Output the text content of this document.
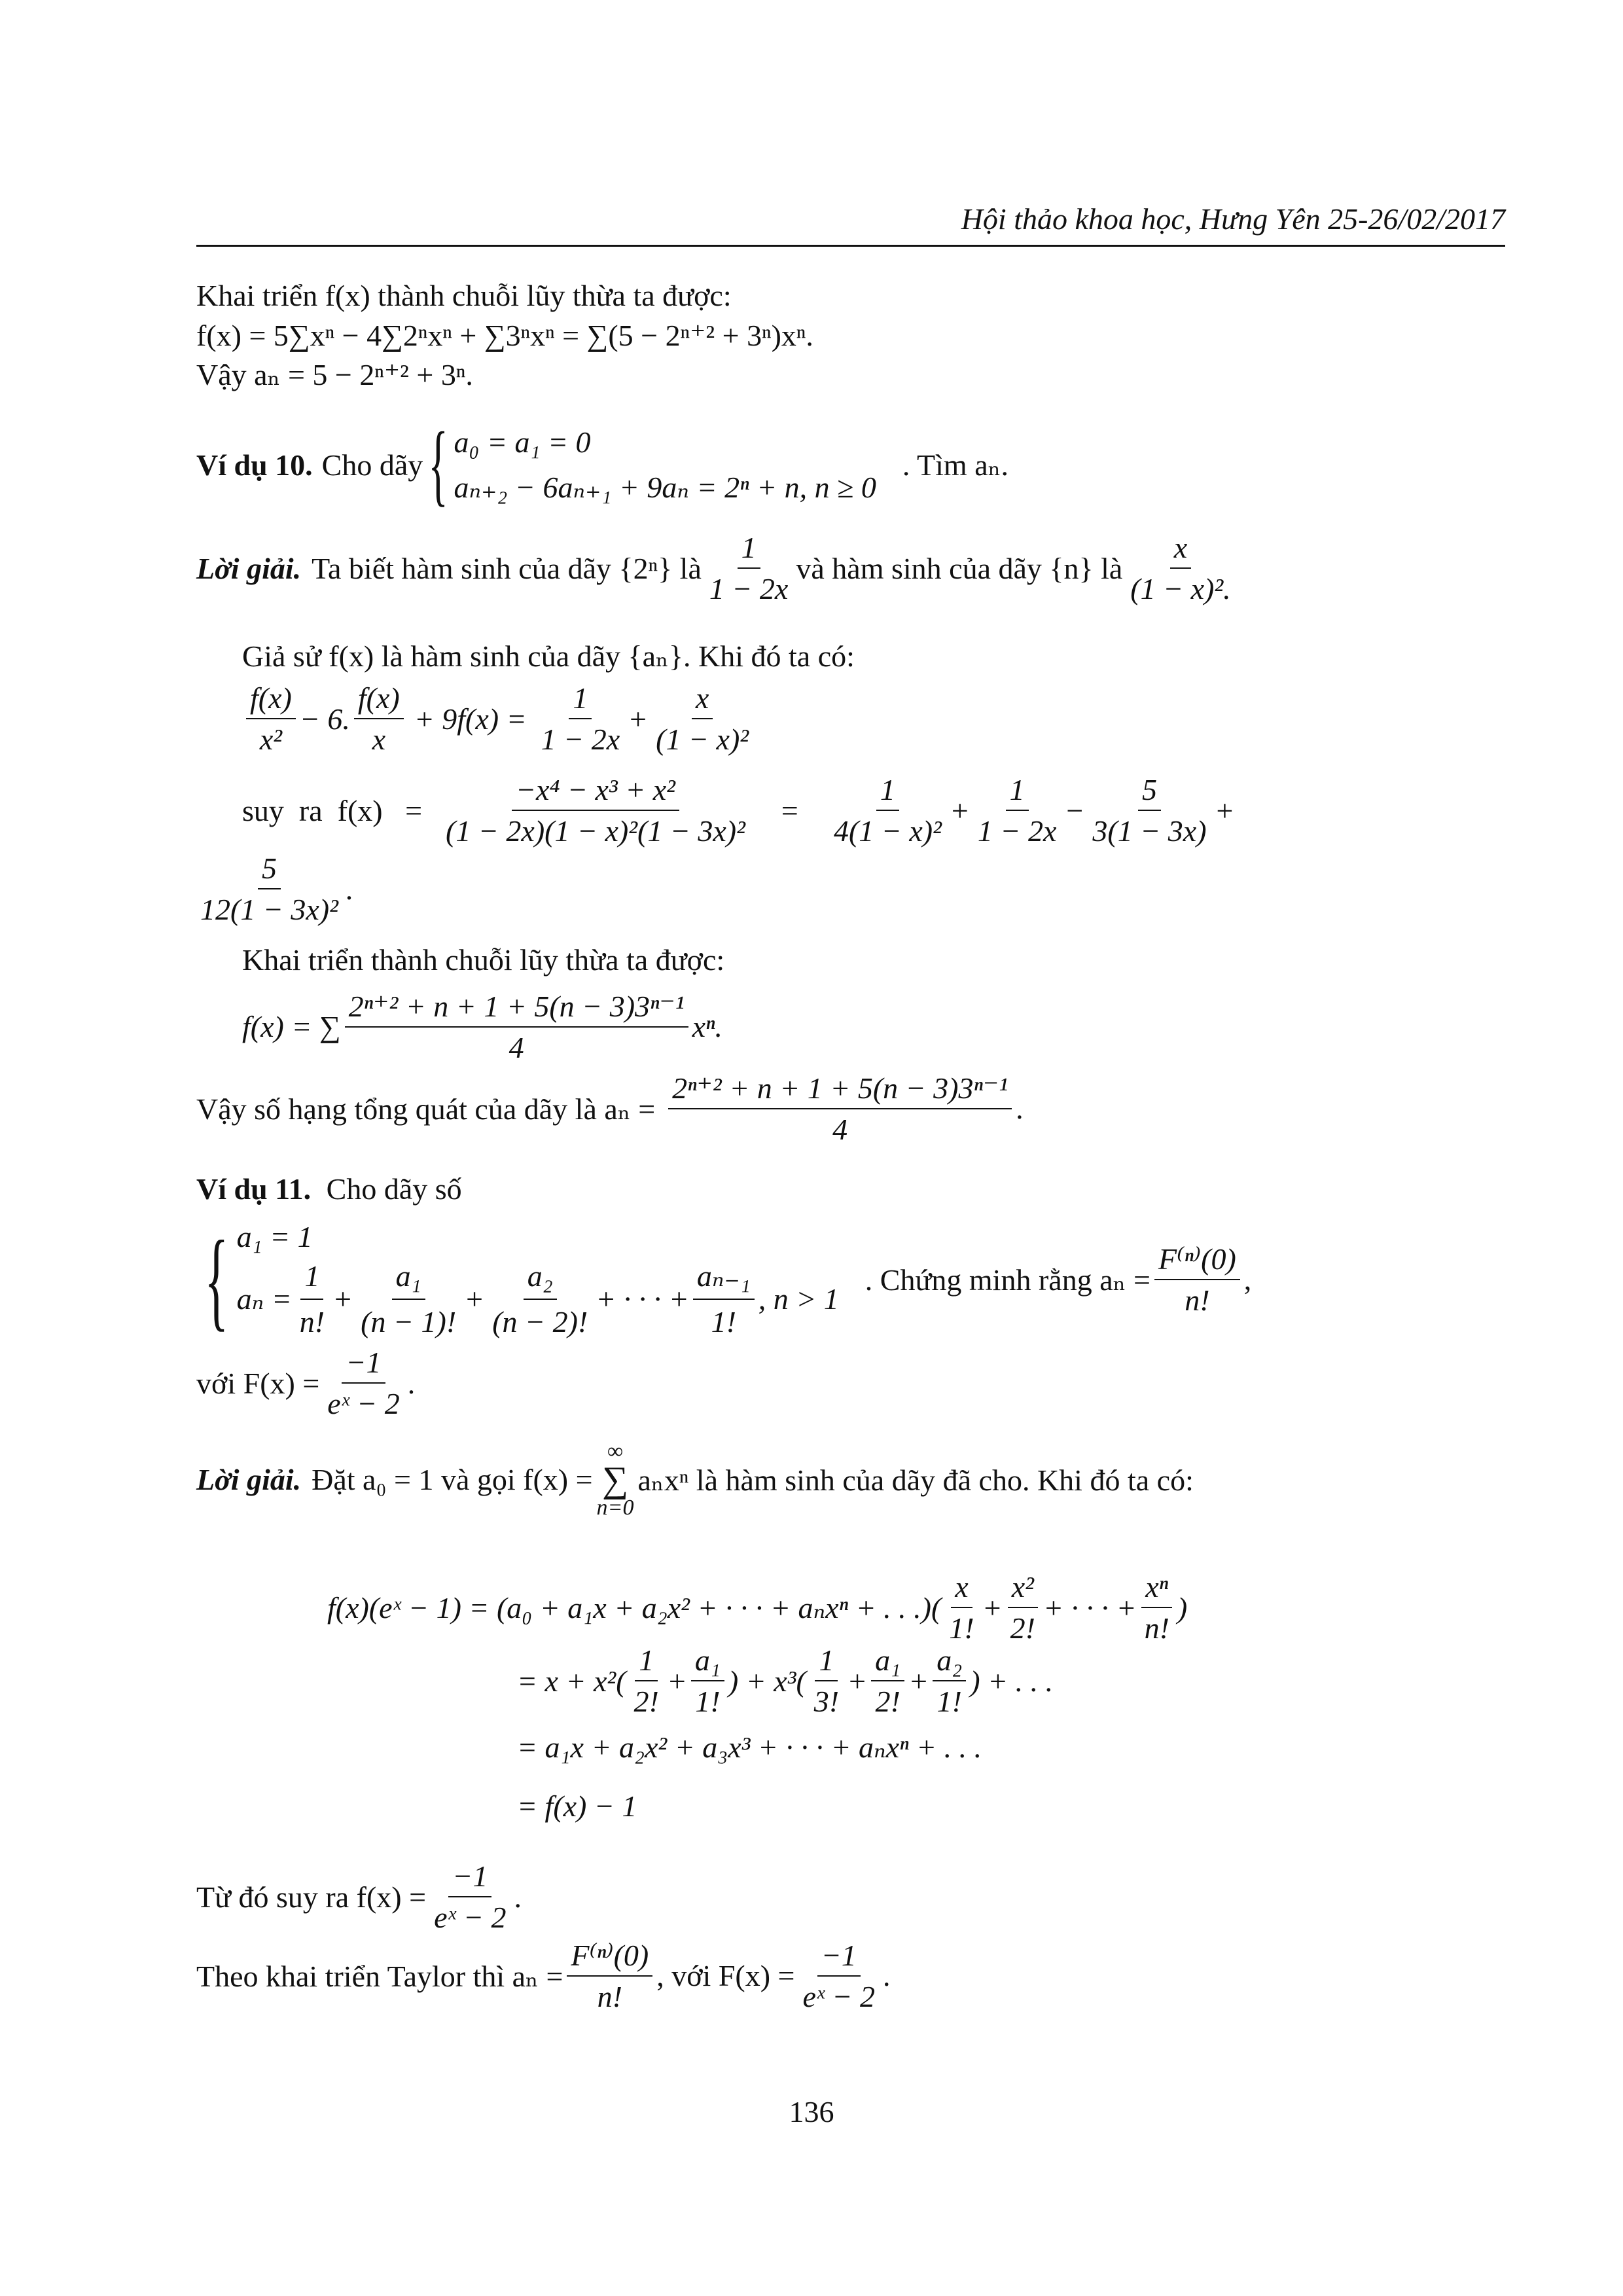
Hội thảo khoa học, Hưng Yên 25-26/02/2017
Khai triển f(x) thành chuỗi lũy thừa ta được:
f(x) = 5∑xⁿ − 4∑2ⁿxⁿ + ∑3ⁿxⁿ = ∑(5 − 2ⁿ⁺² + 3ⁿ)xⁿ.
Vậy aₙ = 5 − 2ⁿ⁺² + 3ⁿ.
Ví dụ 10. Cho dãy { a₀ = a₁ = 0
aₙ₊₂ − 6aₙ₊₁ + 9aₙ = 2ⁿ + n, n ≥ 0
. Tìm aₙ.
Lời giải. Ta biết hàm sinh của dãy {2ⁿ} là $\frac{1}{1 - 2x}$ và hàm sinh của dãy {n} là $\frac{x}{\text{(1 − x)².}}$
Giả sử f(x) là hàm sinh của dãy {aₙ}. Khi đó ta có:
$\frac{f(x)}{\text{x²}} - 6$. $\frac{f(x)}{x} + 9f(x) = \frac{1}{1 - 2x} + \frac{x}{\text{(1 − x)²}}$
suy  ra  $f(x) = \frac{\text{−x⁴ − x³ + x²}}{\text{(1 − 2x)(1 − x)²(1 − 3x)²}} = \frac{1}{\text{4(1 − x)²}} + \frac{1}{1 - 2x} - \frac{5}{3(1 - 3x)}$ +
$\frac{5}{\text{12(1 − 3x)²}}$ .
Khai triển thành chuỗi lũy thừa ta được:
f(x) = ∑ $\frac{\text{2ⁿ⁺² + n + 1 + 5(n − 3)3ⁿ⁻¹}}{4} x^n$.
Vậy số hạng tổng quát của dãy là $a_n = \frac{\text{2ⁿ⁺² + n + 1 + 5(n − 3)3ⁿ⁻¹}}{4}$ .
Ví dụ 11. Cho dãy số
{ a₁ = 1
$a_n = \frac{1}{n!} + \frac{\text{a₁}}{(n - 1)!} + \frac{\text{a₂}}{(n - 2)!}$ + · · · + $\frac{\text{aₙ₋₁}}{1!}$ , n > 1
. Chứng minh rằng $a_n = \frac{\text{F⁽ⁿ⁾(0)}}{n!}$ ,
với $F(x) = \frac{-1}{\text{eˣ − 2}}$ .
Lời giải. Đặt a₀ = 1 và gọi f(x) =
∞
∑
n=0
aₙxⁿ là hàm sinh của dãy đã cho. Khi đó ta có:
f(x)(eˣ − 1) = (a₀ + a₁x + a₂x² + · · · + aₙxⁿ + . . .)( $\frac{x}{1!} + \frac{\text{x²}}{2!}$ + · · · + $\frac{\text{xⁿ}}{n!}$ )
= $x + x^2( \frac{1}{2!} + \frac{\text{a₁}}{1!}$ ) + $x^3( \frac{1}{3!} + \frac{\text{a₁}}{2!} + \frac{\text{a₂}}{1!}$ ) + . . .
= a₁x + a₂x² + a₃x³ + · · · + aₙxⁿ + . . .
= f(x) − 1
Từ đó suy ra $f(x) = \frac{-1}{\text{eˣ − 2}}$ .
Theo khai triển Taylor thì $a_n = \frac{\text{F⁽ⁿ⁾(0)}}{n!}$ , với $F(x) = \frac{-1}{\text{eˣ − 2}}$ .
136
